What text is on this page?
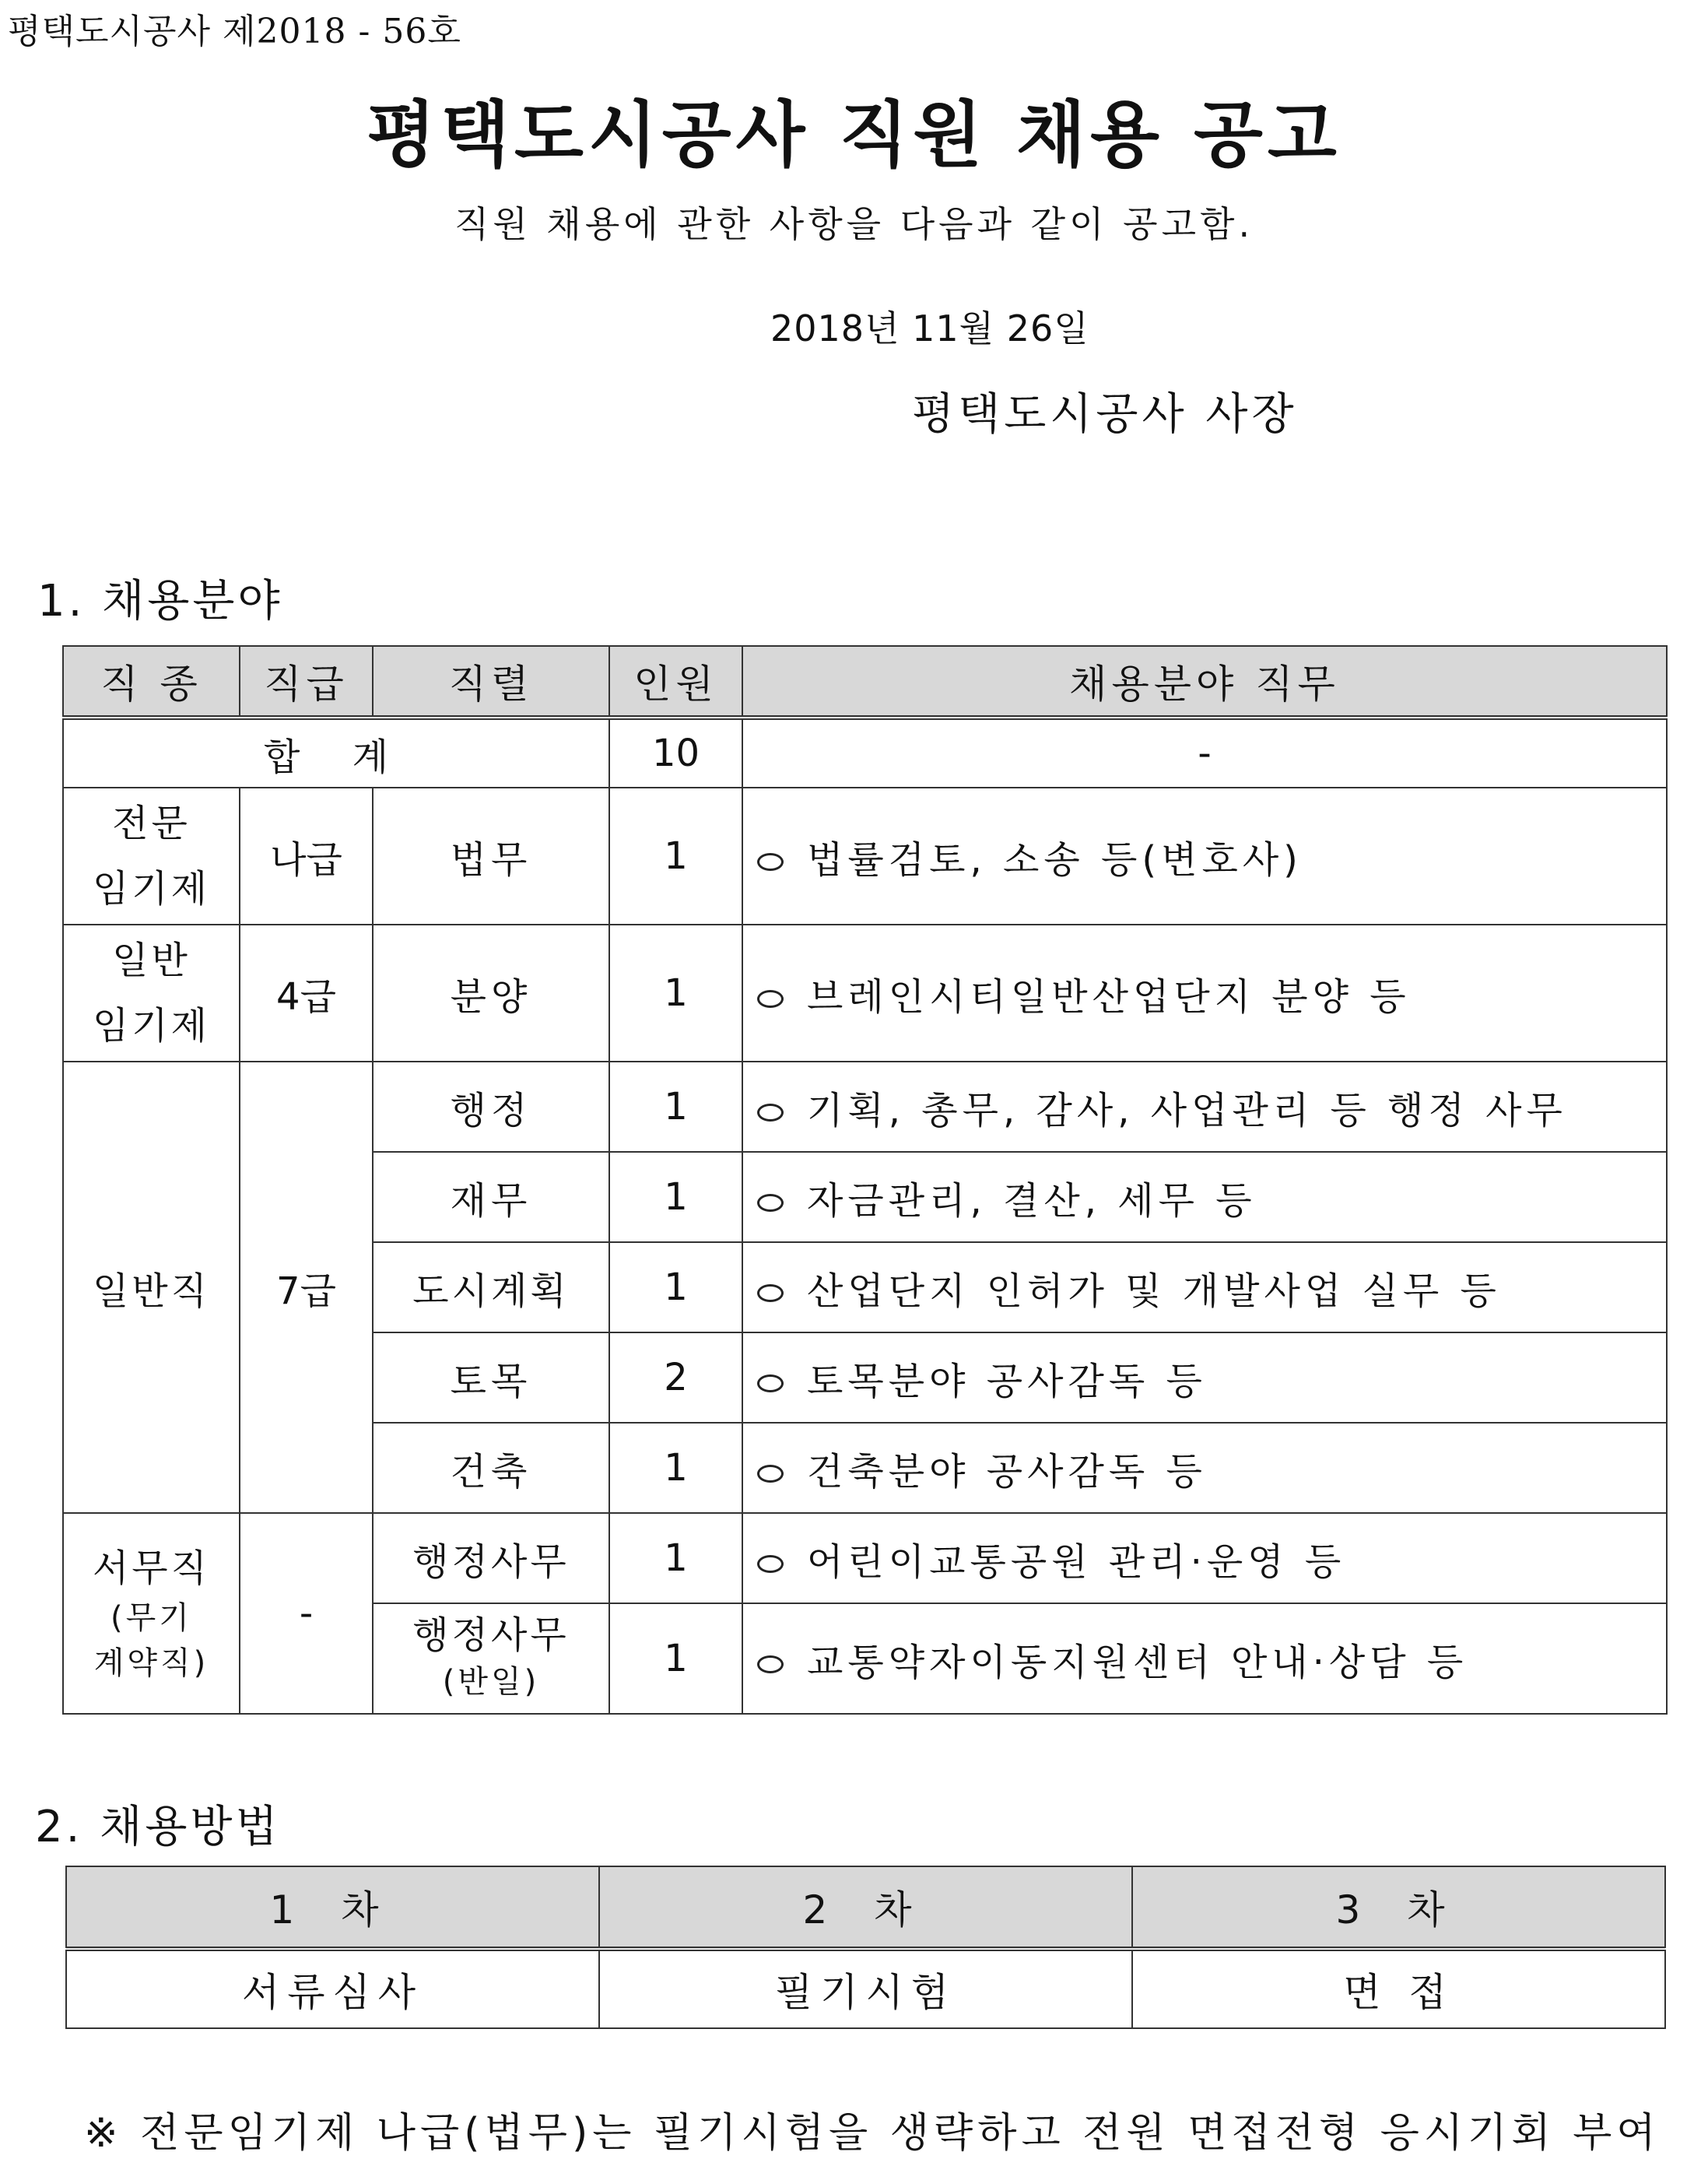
평택도시공사 제2018 - 56호
평택도시공사 직원 채용 공고
직원 채용에 관한 사항을 다음과 같이 공고함.
2018년 11월 26일
평택도시공사 사장
1. 채용분야
직 종	직급	직렬	인원	채용분야 직무
합 계			10	-

전문
임기제	나급	법무	1	법률검토, 소송 등(변호사)

일반
임기제	4급	분양	1	브레인시티일반산업단지 분양 등
일반직	7급	행정	1	기획, 총무, 감사, 사업관리 등 행정 사무
		재무	1	자금관리, 결산, 세무 등
		도시계획	1	산업단지 인허가 및 개발사업 실무 등
		토목	2	토목분야 공사감독 등
		건축	1	건축분야 공사감독 등

서무직
(무기
계약직)	-	행정사무	1	어린이교통공원 관리·운영 등

		행정사무
(반일)	1	교통약자이동지원센터 안내·상담 등
2. 채용방법
1 차	2 차	3 차
서류심사	필기시험	면 접
※ 전문임기제 나급(법무)는 필기시험을 생략하고 전원 면접전형 응시기회 부여
